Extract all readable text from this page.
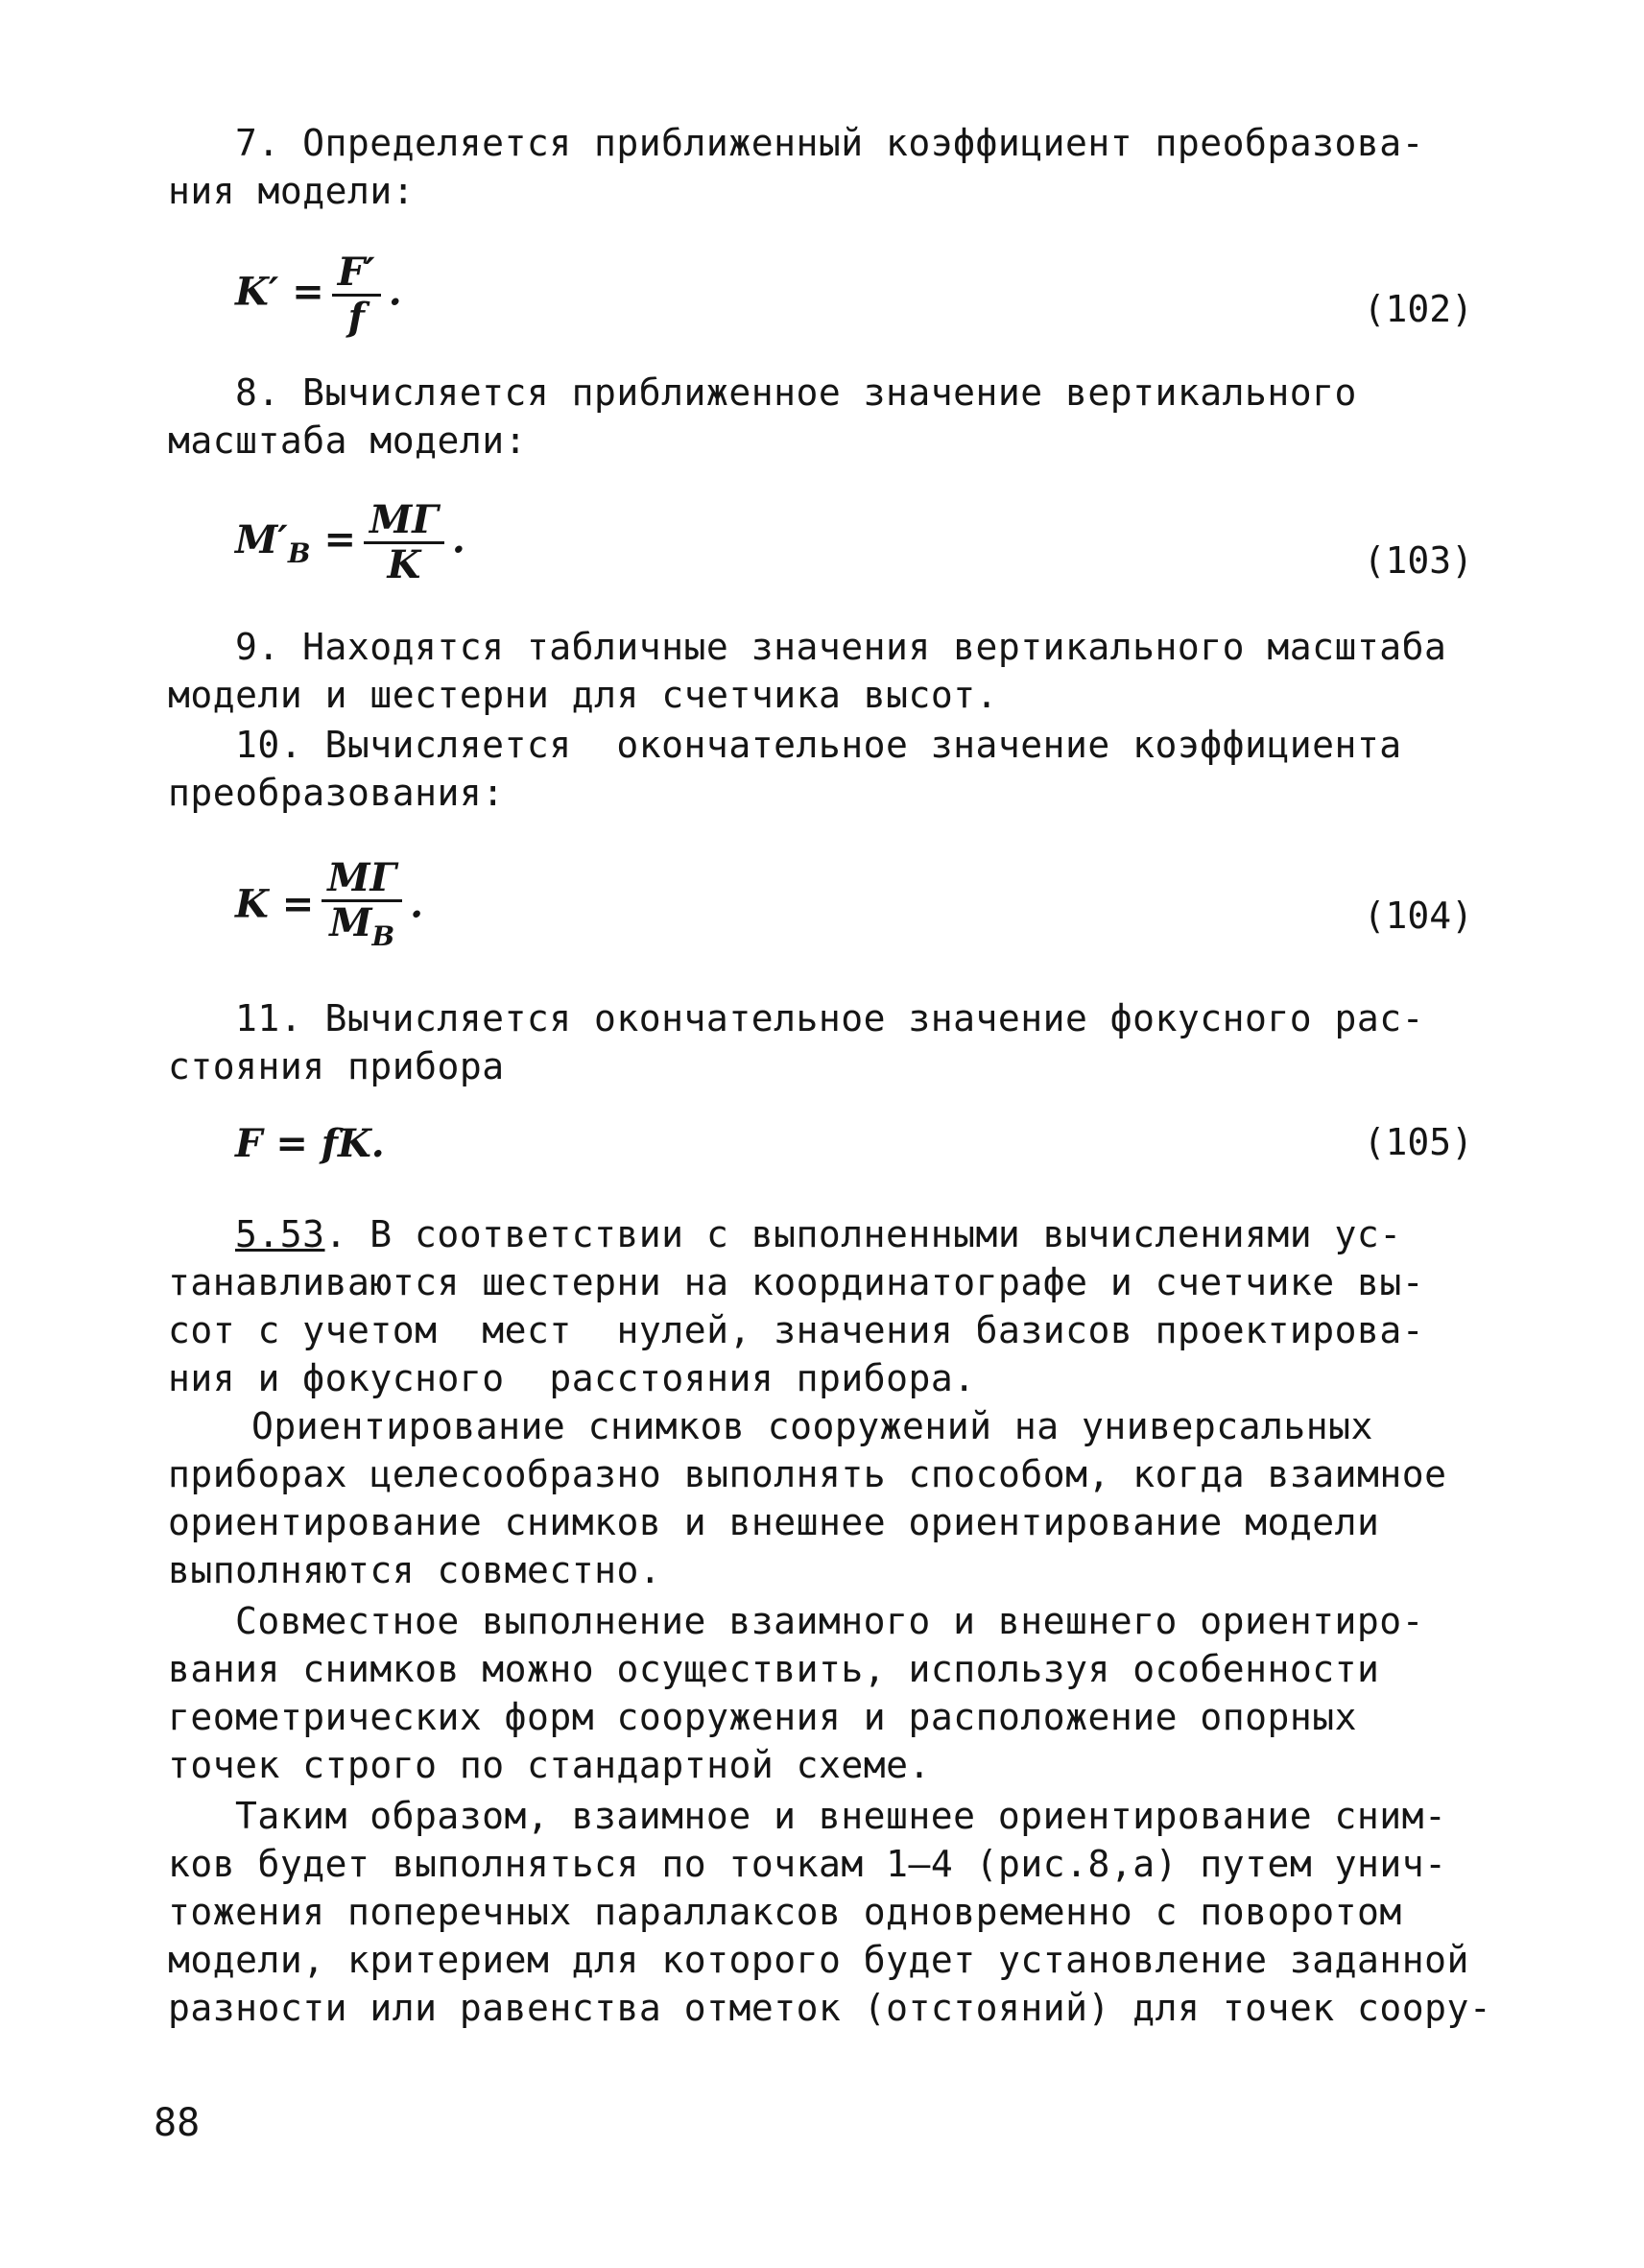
7. Определяется приближенный коэффициент преобразова-
ния модели:
$K' = \frac{F'}{f}$ .	(102)
8. Вычисляется приближенное значение вертикального
масштаба модели:
$M'_B = \frac{MГ}{K}$ .	(103)
9. Находятся табличные значения вертикального масштаба
модели и шестерни для счетчика высот.
10. Вычисляется  окончательное значение коэффициента
преобразования:
$K = \frac{MГ}{M_B}$ .	(104)
11. Вычисляется окончательное значение фокусного рас-
стояния прибора
F = fK.	(105)
5.53. В соответствии с выполненными вычислениями ус-
танавливаются шестерни на координатографе и счетчике вы-
сот с учетом  мест  нулей, значения базисов проектирова-
ния и фокусного  расстояния прибора.
Ориентирование снимков сооружений на универсальных
приборах целесообразно выполнять способом, когда взаимное
ориентирование снимков и внешнее ориентирование модели
выполняются совместно.
Совместное выполнение взаимного и внешнего ориентиро-
вания снимков можно осуществить, используя особенности
геометрических форм сооружения и расположение опорных
точек строго по стандартной схеме.
Таким образом, взаимное и внешнее ориентирование сним-
ков будет выполняться по точкам 1–4 (рис.8,а) путем унич-
тожения поперечных параллаксов одновременно с поворотом
модели, критерием для которого будет установление заданной
разности или равенства отметок (отстояний) для точек соору-
88
